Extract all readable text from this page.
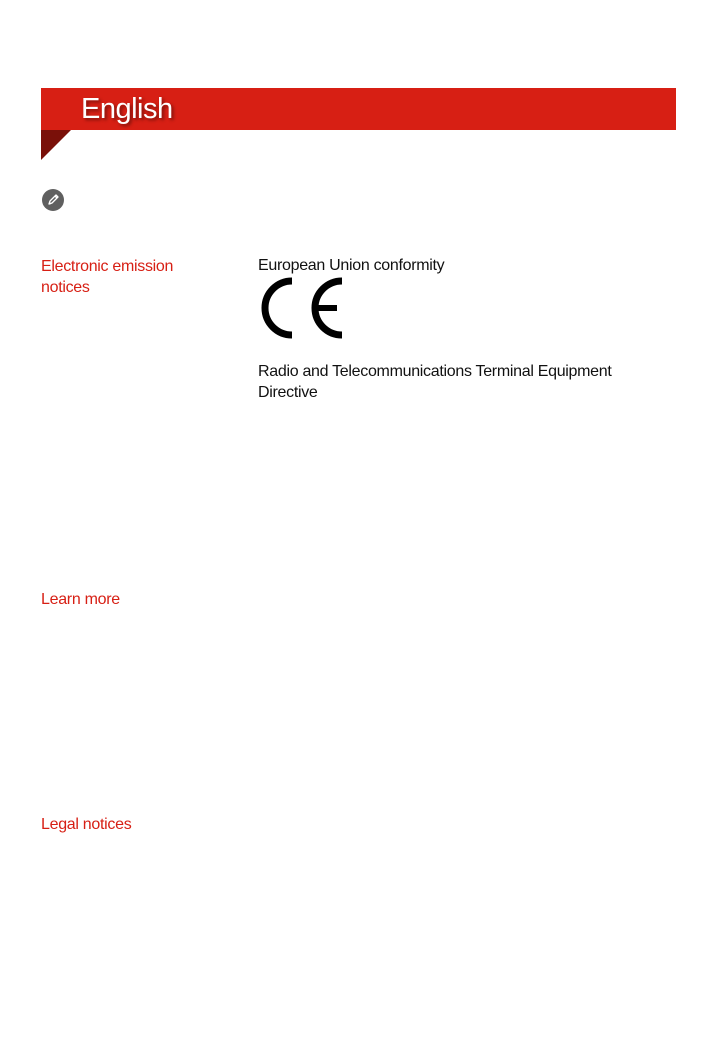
English
Electronic emission
notices
European Union conformity
Radio and Telecommunications Terminal Equipment
Directive
Learn more
Legal notices
